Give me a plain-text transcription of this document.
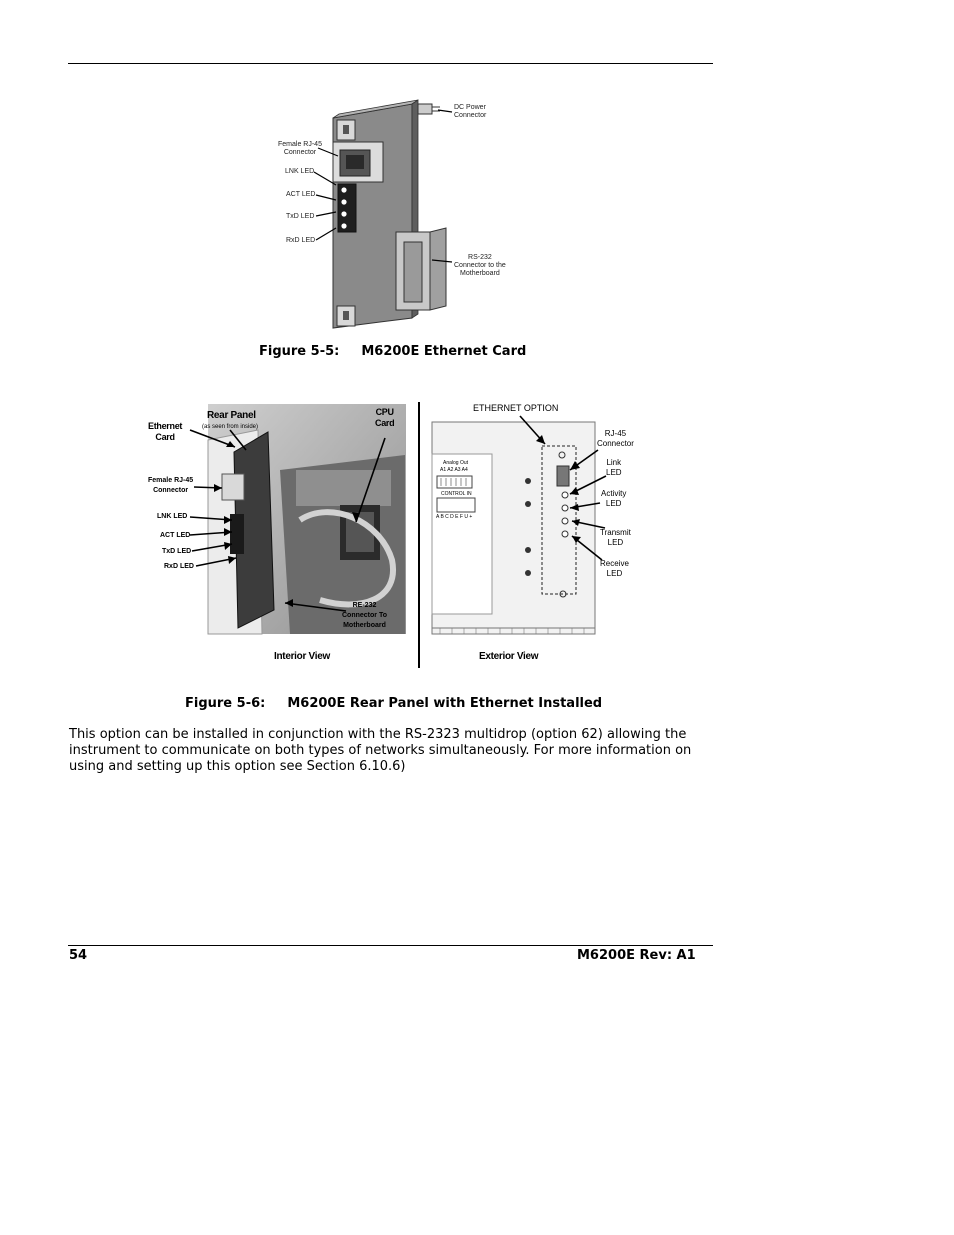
DC Power
Connector
Female RJ-45
Connector
LNK LED
ACT LED
TxD LED
RxD LED
RS-232
Connector to the
Motherboard
Figure 5-5: M6200E Ethernet Card
Ethernet
Card
Rear Panel
(as seen from inside)
CPU
Card
Female RJ-45
Connector
LNK LED
ACT LED
TxD LED
RxD LED
RE-232
Connector To
Motherboard
ETHERNET OPTION
RJ-45
Connector
Link
LED
Activity
LED
Transmit
LED
Receive
LED
Analog Out
A1 A2 A3 A4
CONTROL IN
A B C D E F U +
Interior View	Exterior View
Figure 5-6: M6200E Rear Panel with Ethernet Installed
This option can be installed in conjunction with the RS-2323 multidrop (option 62) allowing the instrument to communicate on both types of networks simultaneously. For more information on using and setting up this option see Section 6.10.6)
54	M6200E Rev: A1
